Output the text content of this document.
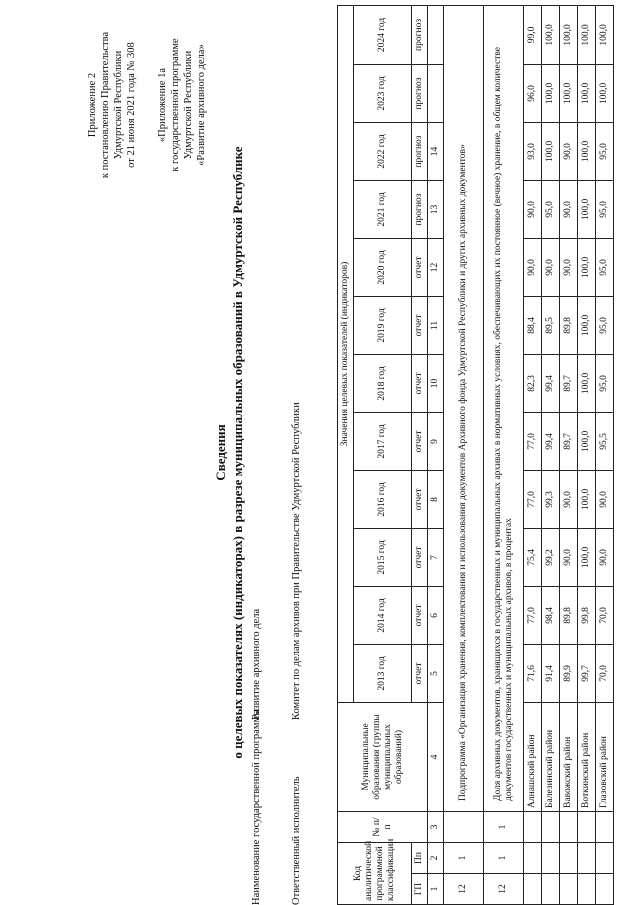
Приложение 2 к постановлению Правительства Удмуртской Республики от 21 июня 2021 года № 308 «Приложение 1а к государственной программе Удмуртской Республики «Развитие архивного дела»

Сведения о целевых показателях (индикаторах) в разрезе муниципальных образований в Удмуртской Республике

Наименование государственной программы
Развитие архивного дела
Ответственный исполнитель
Комитет по делам архивов при Правительстве Удмуртской Республики
Код аналитической программной классификации		№ п/п	Муниципальные образования (группы муниципальных образований)	Значения целевых показателей (индикаторов)											
				2013 год	2014 год	2015 год	2016 год	2017 год	2018 год	2019 год	2020 год	2021 год	2022 год	2023 год	2024 год
ГП	Пп			отчет	отчет	отчет	отчет	отчет	отчет	отчет	отчет	прогноз	прогноз	прогноз	прогноз
1	2	3	4	5	6	7	8	9	10	11	12	13	14		
12	1		Подпрограмма «Организация хранения, комплектования и использования документов Архивного фонда Удмуртской Республики и других архивных документов»												
12	1	1	Доля архивных документов, хранящихся в государственных и муниципальных архивах в нормативных условиях, обеспечивающих их постоянное (вечное) хранение, в общем количестве документов государственных и муниципальных архивов, в процентах												
			Алнашский район	71,6	77,0	75,4	77,0	77,0	82,3	88,4	90,0	90,0	93,0	96,0	99,0
			Балезинский район	91,4	98,4	99,2	99,3	99,4	99,4	89,5	90,0	95,0	100,0	100,0	100,0
			Вавожский район	89,9	89,8	90,0	90,0	89,7	89,7	89,8	90,0	90,0	90,0	100,0	100,0
			Воткинский район	99,7	99,8	100,0	100,0	100,0	100,0	100,0	100,0	100,0	100,0	100,0	100,0
			Глазовский район	70,0	70,0	90,0	90,0	95,5	95,0	95,0	95,0	95,0	95,0	100,0	100,0
